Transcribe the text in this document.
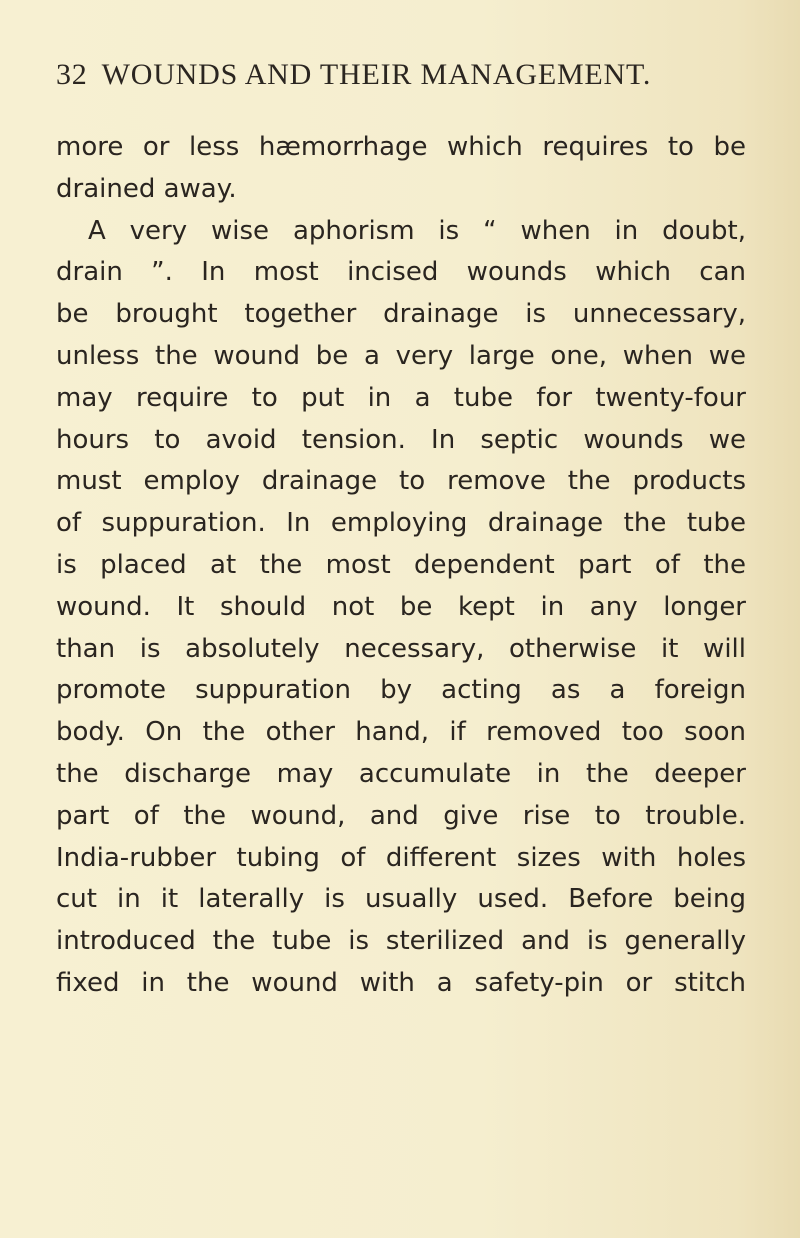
32 WOUNDS AND THEIR MANAGEMENT.
more or less hæmorrhage which requires to be
drained away.
A very wise aphorism is “ when in doubt,
drain ”. In most incised wounds which can
be brought together drainage is unnecessary,
unless the wound be a very large one, when we
may require to put in a tube for twenty-four
hours to avoid tension. In septic wounds we
must employ drainage to remove the products
of suppuration. In employing drainage the tube
is placed at the most dependent part of the
wound. It should not be kept in any longer
than is absolutely necessary, otherwise it will
promote suppuration by acting as a foreign
body. On the other hand, if removed too soon
the discharge may accumulate in the deeper
part of the wound, and give rise to trouble.
India-rubber tubing of different sizes with holes
cut in it laterally is usually used. Before being
introduced the tube is sterilized and is generally
fixed in the wound with a safety-pin or stitch
